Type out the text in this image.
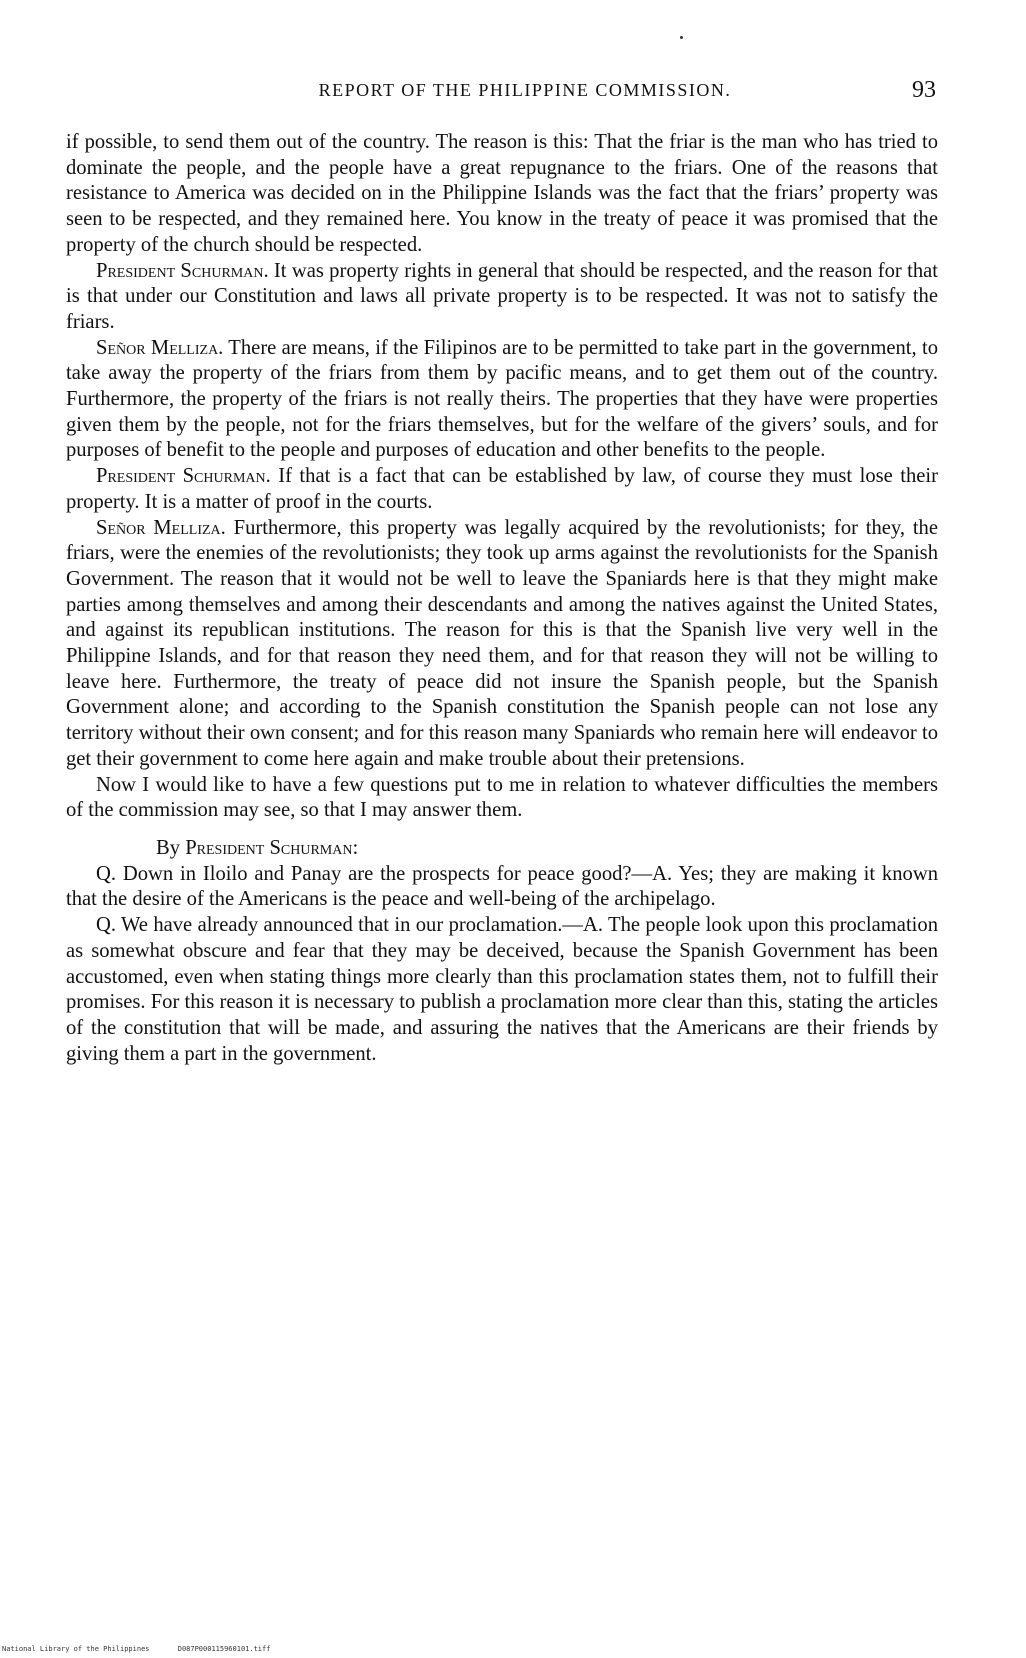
REPORT OF THE PHILIPPINE COMMISSION.	93

if possible, to send them out of the country. The reason is this: That the friar is the man who has tried to dominate the people, and the people have a great repugnance to the friars. One of the reasons that resistance to America was decided on in the Philippine Islands was the fact that the friars’ property was seen to be respected, and they remained here. You know in the treaty of peace it was promised that the property of the church should be respected.

President Schurman. It was property rights in general that should be respected, and the reason for that is that under our Constitution and laws all private property is to be respected. It was not to satisfy the friars.

Señor Melliza. There are means, if the Filipinos are to be permitted to take part in the government, to take away the property of the friars from them by pacific means, and to get them out of the country. Furthermore, the property of the friars is not really theirs. The properties that they have were properties given them by the people, not for the friars themselves, but for the welfare of the givers’ souls, and for purposes of benefit to the people and purposes of education and other benefits to the people.

President Schurman. If that is a fact that can be established by law, of course they must lose their property. It is a matter of proof in the courts.

Señor Melliza. Furthermore, this property was legally acquired by the revolutionists; for they, the friars, were the enemies of the revolutionists; they took up arms against the revolutionists for the Spanish Government. The reason that it would not be well to leave the Spaniards here is that they might make parties among themselves and among their descendants and among the natives against the United States, and against its republican institutions. The reason for this is that the Spanish live very well in the Philippine Islands, and for that reason they need them, and for that reason they will not be willing to leave here. Furthermore, the treaty of peace did not insure the Spanish people, but the Spanish Government alone; and according to the Spanish constitution the Spanish people can not lose any territory without their own consent; and for this reason many Spaniards who remain here will endeavor to get their government to come here again and make trouble about their pretensions.

Now I would like to have a few questions put to me in relation to whatever difficulties the members of the commission may see, so that I may answer them.

By President Schurman:

Q. Down in Iloilo and Panay are the prospects for peace good?—A. Yes; they are making it known that the desire of the Americans is the peace and well-being of the archipelago.

Q. We have already announced that in our proclamation.—A. The people look upon this proclamation as somewhat obscure and fear that they may be deceived, because the Spanish Government has been accustomed, even when stating things more clearly than this proclamation states them, not to fulfill their promises. For this reason it is necessary to publish a proclamation more clear than this, stating the articles of the constitution that will be made, and assuring the natives that the Americans are their friends by giving them a part in the government.

National Library of the Philippines	D087P000115960101.tiff
